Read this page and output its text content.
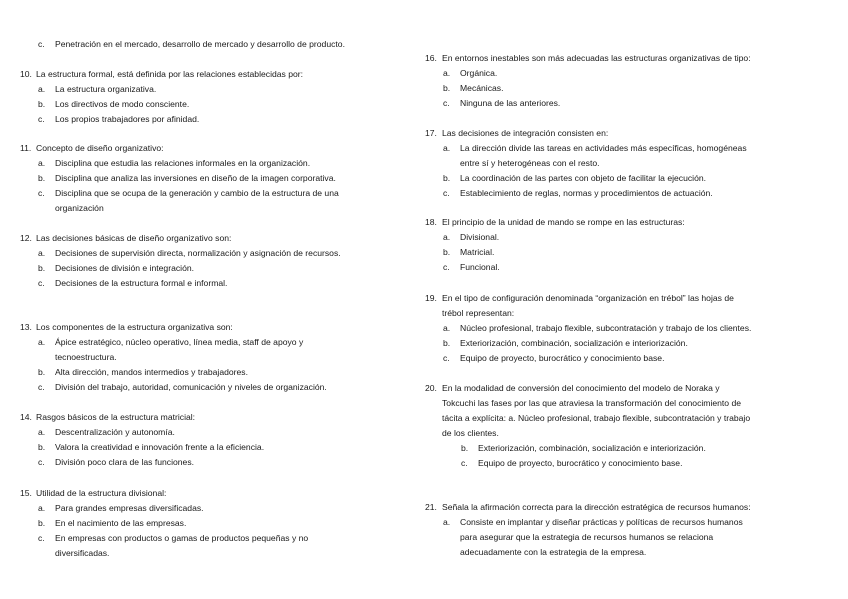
c. Penetración en el mercado, desarrollo de mercado y desarrollo de producto.
10. La estructura formal, está definida por las relaciones establecidas por:
a. La estructura organizativa.
b. Los directivos de modo consciente.
c. Los propios trabajadores por afinidad.
11. Concepto de diseño organizativo:
a. Disciplina que estudia las relaciones informales en la organización.
b. Disciplina que analiza las inversiones en diseño de la imagen corporativa.
c. Disciplina que se ocupa de la generación y cambio de la estructura de una
organización
12. Las decisiones básicas de diseño organizativo son:
a. Decisiones de supervisión directa, normalización y asignación de recursos.
b. Decisiones de división e integración.
c. Decisiones de la estructura formal e informal.
13. Los componentes de la estructura organizativa son:
a. Ápice estratégico, núcleo operativo, línea media, staff de apoyo y
tecnoestructura.
b. Alta dirección, mandos intermedios y trabajadores.
c. División del trabajo, autoridad, comunicación y niveles de organización.
14. Rasgos básicos de la estructura matricial:
a. Descentralización y autonomía.
b. Valora la creatividad e innovación frente a la eficiencia.
c. División poco clara de las funciones.
15. Utilidad de la estructura divisional:
a. Para grandes empresas diversificadas.
b. En el nacimiento de las empresas.
c. En empresas con productos o gamas de productos pequeñas y no
diversificadas.
16. En entornos inestables son más adecuadas las estructuras organizativas de tipo:
a. Orgánica.
b. Mecánicas.
c. Ninguna de las anteriores.
17. Las decisiones de integración consisten en:
a. La dirección divide las tareas en actividades más específicas, homogéneas
entre sí y heterogéneas con el resto.
b. La coordinación de las partes con objeto de facilitar la ejecución.
c. Establecimiento de reglas, normas y procedimientos de actuación.
18. El principio de la unidad de mando se rompe en las estructuras:
a. Divisional.
b. Matricial.
c. Funcional.
19. En el tipo de configuración denominada “organización en trébol” las hojas de
trébol representan:
a. Núcleo profesional, trabajo flexible, subcontratación y trabajo de los clientes.
b. Exteriorización, combinación, socialización e interiorización.
c. Equipo de proyecto, burocrático y conocimiento base.
20. En la modalidad de conversión del conocimiento del modelo de Noraka y
Tokcuchi las fases por las que atraviesa la transformación del conocimiento de
tácita a explícita: a. Núcleo profesional, trabajo flexible, subcontratación y trabajo
de los clientes.
b. Exteriorización, combinación, socialización e interiorización.
c. Equipo de proyecto, burocrático y conocimiento base.
21. Señala la afirmación correcta para la dirección estratégica de recursos humanos:
a. Consiste en implantar y diseñar prácticas y políticas de recursos humanos
para asegurar que la estrategia de recursos humanos se relaciona
adecuadamente con la estrategia de la empresa.
